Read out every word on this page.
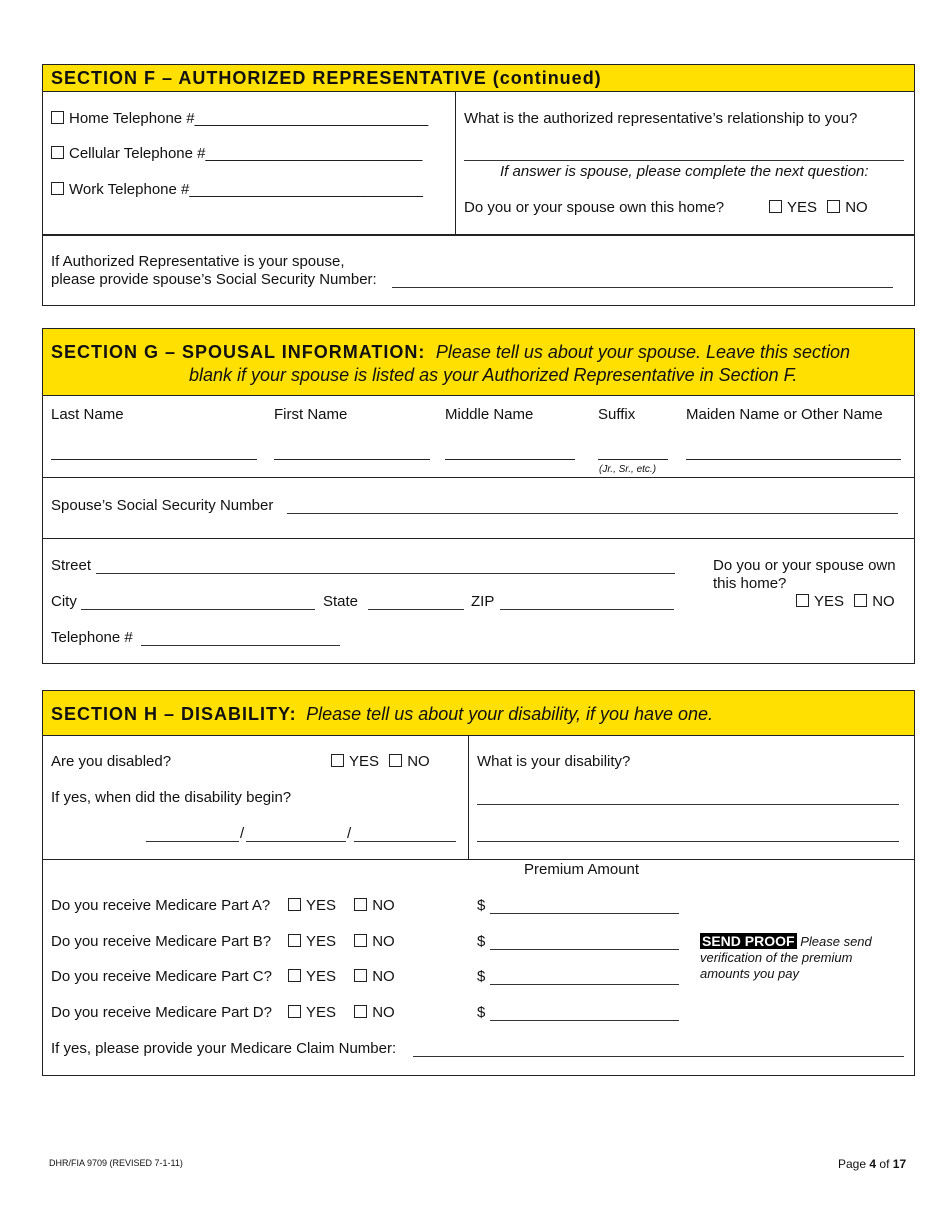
SECTION F – AUTHORIZED REPRESENTATIVE (continued)
Home Telephone #____________________________
Cellular Telephone #__________________________
Work Telephone #____________________________
What is the authorized representative’s relationship to you?
If answer is spouse, please complete the next question:
Do you or your spouse own this home?	YES NO
If Authorized Representative is your spouse,
please provide spouse’s Social Security Number:
SECTION G – SPOUSAL INFORMATION: Please tell us about your spouse. Leave this section
blank if your spouse is listed as your Authorized Representative in Section F.
Last Name	First Name	Middle Name	Suffix	Maiden Name or Other Name
(Jr., Sr., etc.)
Spouse’s Social Security Number
Street
City	State	ZIP
Telephone #
Do you or your spouse own
this home?
YES NO
SECTION H – DISABILITY: Please tell us about your disability, if you have one.
Are you disabled?	YES NO
If yes, when did the disability begin?
/	/
What is your disability?
Premium Amount
Do you receive Medicare Part A?	YES NO	$
Do you receive Medicare Part B?	YES NO	$
Do you receive Medicare Part C?	YES NO	$
Do you receive Medicare Part D?	YES NO	$
SEND PROOF Please send
verification of the premium
amounts you pay
If yes, please provide your Medicare Claim Number:
DHR/FIA 9709 (REVISED 7-1-11)	Page 4 of 17
